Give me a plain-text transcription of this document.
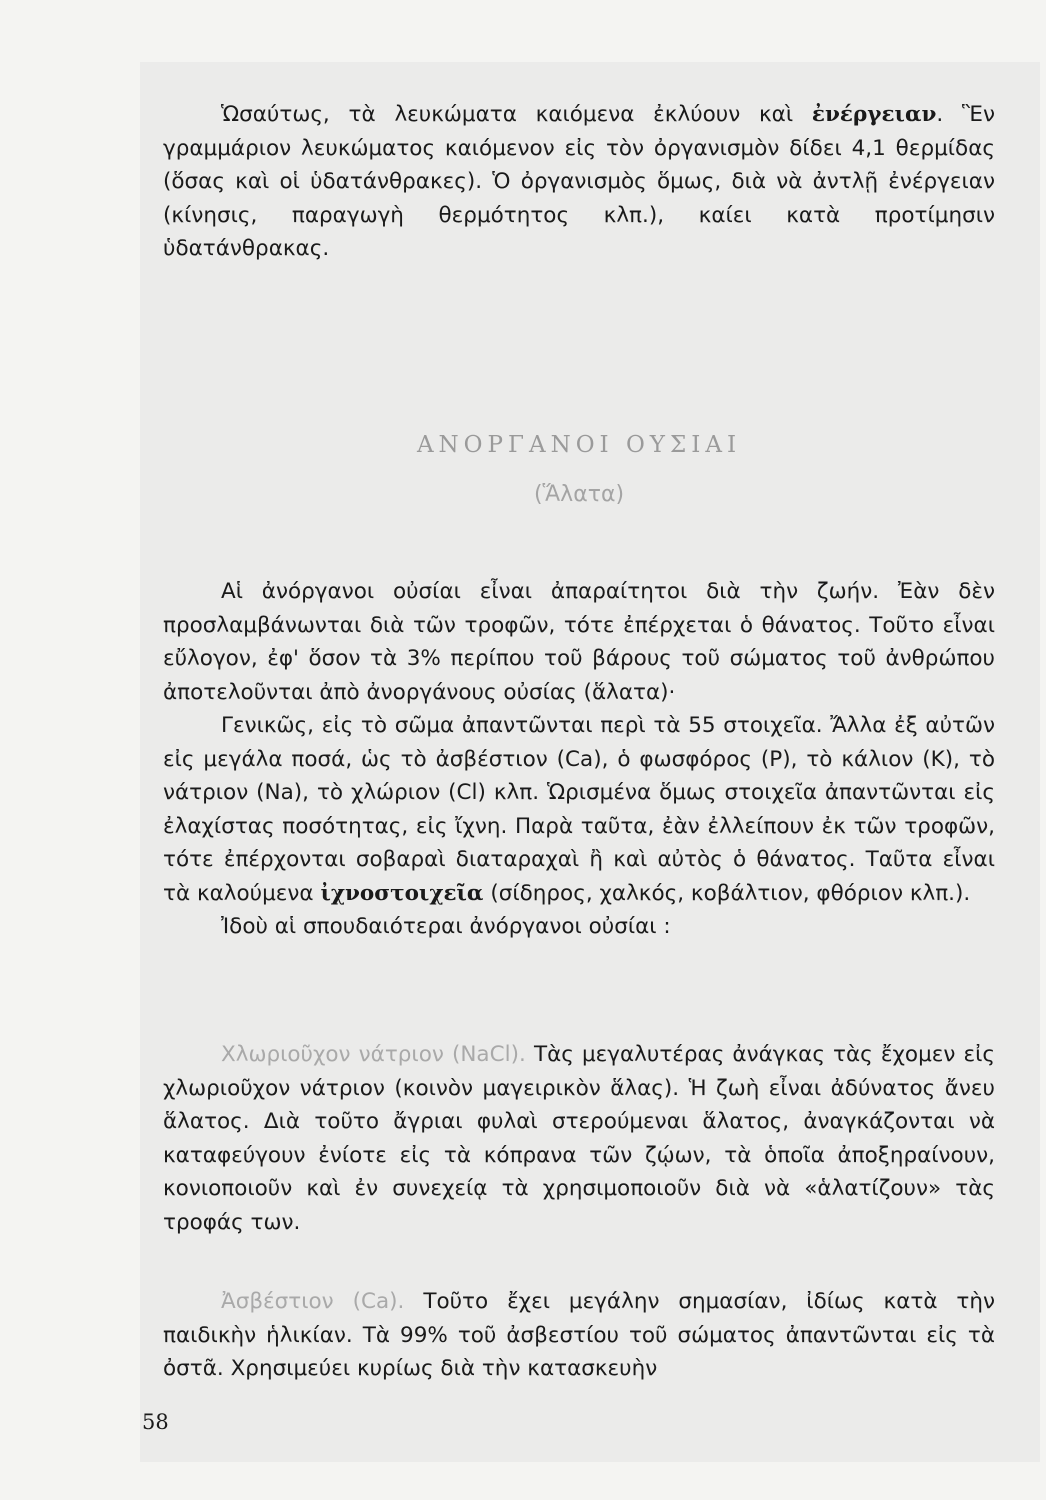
Ὡσαύτως, τὰ λευκώματα καιόμενα ἐκλύουν καὶ ἐνέργειαν. Ἓν γραμμάριον λευκώματος καιόμενον εἰς τὸν ὀργανισμὸν δίδει 4,1 θερμίδας (ὅσας καὶ οἱ ὑδατάνθρακες). Ὁ ὀργανισμὸς ὅμως, διὰ νὰ ἀντλῇ ἐνέργειαν (κίνησις, παραγωγὴ θερμότητος κλπ.), καίει κατὰ προτίμησιν ὑδατάνθρακας.

ΑΝΟΡΓΑΝΟΙ ΟΥΣΙΑΙ
(Ἅλατα)

Αἱ ἀνόργανοι οὐσίαι εἶναι ἀπαραίτητοι διὰ τὴν ζωήν. Ἐὰν δὲν προσλαμβάνωνται διὰ τῶν τροφῶν, τότε ἐπέρχεται ὁ θάνατος. Τοῦτο εἶναι εὔλογον, ἐφ' ὅσον τὰ 3% περίπου τοῦ βάρους τοῦ σώματος τοῦ ἀνθρώπου ἀποτελοῦνται ἀπὸ ἀνοργάνους οὐσίας (ἅλατα)·

Γενικῶς, εἰς τὸ σῶμα ἀπαντῶνται περὶ τὰ 55 στοιχεῖα. Ἄλλα ἐξ αὐτῶν εἰς μεγάλα ποσά, ὡς τὸ ἀσβέστιον (Ca), ὁ φωσφόρος (P), τὸ κάλιον (K), τὸ νάτριον (Na), τὸ χλώριον (Cl) κλπ. Ὡρισμένα ὅμως στοιχεῖα ἀπαντῶνται εἰς ἐλαχίστας ποσότητας, εἰς ἴχνη. Παρὰ ταῦτα, ἐὰν ἐλλείπουν ἐκ τῶν τροφῶν, τότε ἐπέρχονται σοβαραὶ διαταραχαὶ ἢ καὶ αὐτὸς ὁ θάνατος. Ταῦτα εἶναι τὰ καλούμενα ἰχνοστοιχεῖα (σίδηρος, χαλκός, κοβάλτιον, φθόριον κλπ.).

Ἰδοὺ αἱ σπουδαιότεραι ἀνόργανοι οὐσίαι :

Χλωριοῦχον νάτριον (NaCl). Τὰς μεγαλυτέρας ἀνάγκας τὰς ἔχομεν εἰς χλωριοῦχον νάτριον (κοινὸν μαγειρικὸν ἅλας). Ἡ ζωὴ εἶναι ἀδύνατος ἄνευ ἅλατος. Διὰ τοῦτο ἄγριαι φυλαὶ στερούμεναι ἅλατος, ἀναγκάζονται νὰ καταφεύγουν ἐνίοτε εἰς τὰ κόπρανα τῶν ζῴων, τὰ ὁποῖα ἀποξηραίνουν, κονιοποιοῦν καὶ ἐν συνεχείᾳ τὰ χρησιμοποιοῦν διὰ νὰ «ἁλατίζουν» τὰς τροφάς των.

Ἀσβέστιον (Ca). Τοῦτο ἔχει μεγάλην σημασίαν, ἰδίως κατὰ τὴν παιδικὴν ἡλικίαν. Τὰ 99% τοῦ ἀσβεστίου τοῦ σώματος ἀπαντῶνται εἰς τὰ ὀστᾶ. Χρησιμεύει κυρίως διὰ τὴν κατασκευὴν

58
